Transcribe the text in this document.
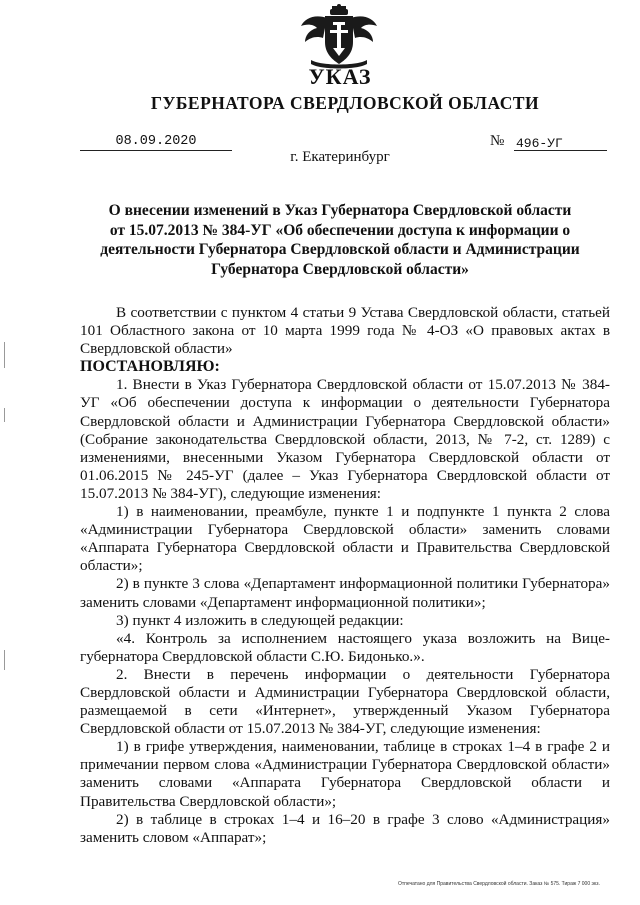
УКАЗ
ГУБЕРНАТОРА СВЕРДЛОВСКОЙ ОБЛАСТИ
08.09.2020	№ 496-УГ
г. Екатеринбург
О внесении изменений в Указ Губернатора Свердловской области от 15.07.2013 № 384-УГ «Об обеспечении доступа к информации о деятельности Губернатора Свердловской области и Администрации Губернатора Свердловской области»

В соответствии с пунктом 4 статьи 9 Устава Свердловской области, статьей 101 Областного закона от 10 марта 1999 года № 4-ОЗ «О правовых актах в Свердловской области»

ПОСТАНОВЛЯЮ:

1. Внести в Указ Губернатора Свердловской области от 15.07.2013 № 384-УГ «Об обеспечении доступа к информации о деятельности Губернатора Свердловской области и Администрации Губернатора Свердловской области» (Собрание законодательства Свердловской области, 2013, № 7-2, ст. 1289) с изменениями, внесенными Указом Губернатора Свердловской области от 01.06.2015 № 245-УГ (далее – Указ Губернатора Свердловской области от 15.07.2013 № 384-УГ), следующие изменения:

1) в наименовании, преамбуле, пункте 1 и подпункте 1 пункта 2 слова «Администрации Губернатора Свердловской области» заменить словами «Аппарата Губернатора Свердловской области и Правительства Свердловской области»;

2) в пункте 3 слова «Департамент информационной политики Губернатора» заменить словами «Департамент информационной политики»;

3) пункт 4 изложить в следующей редакции:

«4. Контроль за исполнением настоящего указа возложить на Вице-губернатора Свердловской области С.Ю. Бидонько.».

2. Внести в перечень информации о деятельности Губернатора Свердловской области и Администрации Губернатора Свердловской области, размещаемой в сети «Интернет», утвержденный Указом Губернатора Свердловской области от 15.07.2013 № 384-УГ, следующие изменения:

1) в грифе утверждения, наименовании, таблице в строках 1–4 в графе 2 и примечании первом слова «Администрации Губернатора Свердловской области» заменить словами «Аппарата Губернатора Свердловской области и Правительства Свердловской области»;

2) в таблице в строках 1–4 и 16–20 в графе 3 слово «Администрация» заменить словом «Аппарат»;

Отпечатано для Правительства Свердловской области. Заказ № 575. Тираж 7 000 экз.
